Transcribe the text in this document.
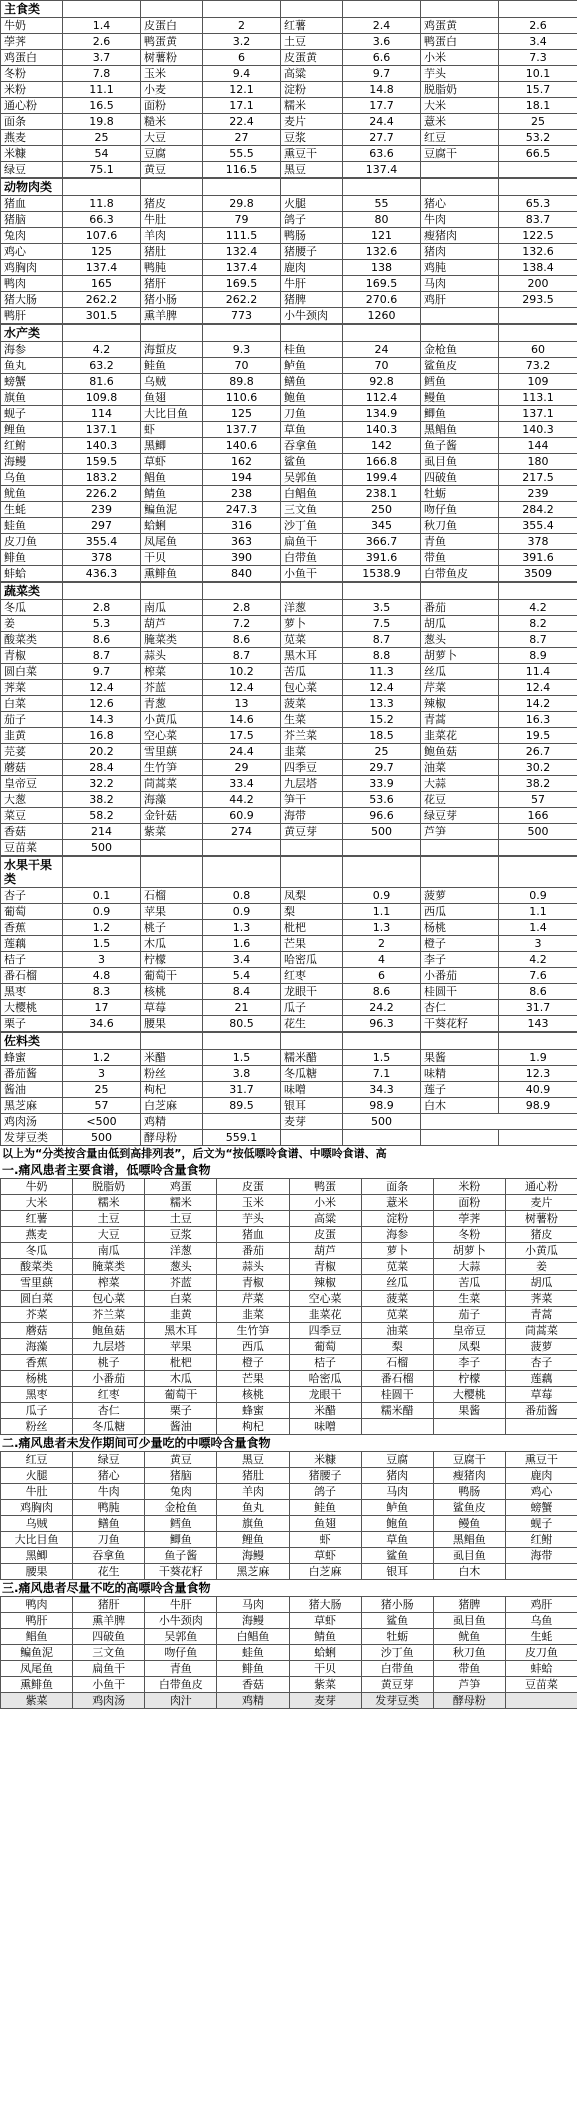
主食类							
牛奶	1.4	皮蛋白	2	红薯	2.4	鸡蛋黄	2.6
荸荠	2.6	鸭蛋黄	3.2	土豆	3.6	鸭蛋白	3.4
鸡蛋白	3.7	树薯粉	6	皮蛋黄	6.6	小米	7.3
冬粉	7.8	玉米	9.4	高粱	9.7	芋头	10.1
米粉	11.1	小麦	12.1	淀粉	14.8	脱脂奶	15.7
通心粉	16.5	面粉	17.1	糯米	17.7	大米	18.1
面条	19.8	糙米	22.4	麦片	24.4	薏米	25
燕麦	25	大豆	27	豆浆	27.7	红豆	53.2
米糠	54	豆腐	55.5	熏豆干	63.6	豆腐干	66.5
绿豆	75.1	黄豆	116.5	黑豆	137.4		
动物肉类							
猪血	11.8	猪皮	29.8	火腿	55	猪心	65.3
猪脑	66.3	牛肚	79	鸽子	80	牛肉	83.7
兔肉	107.6	羊肉	111.5	鸭肠	121	瘦猪肉	122.5
鸡心	125	猪肚	132.4	猪腰子	132.6	猪肉	132.6
鸡胸肉	137.4	鸭肫	137.4	鹿肉	138	鸡肫	138.4
鸭肉	165	猪肝	169.5	牛肝	169.5	马肉	200
猪大肠	262.2	猪小肠	262.2	猪脾	270.6	鸡肝	293.5
鸭肝	301.5	熏羊脾	773	小牛颈肉	1260		
水产类							
海参	4.2	海蜇皮	9.3	桂鱼	24	金枪鱼	60
鱼丸	63.2	鲑鱼	70	鲈鱼	70	鲨鱼皮	73.2
螃蟹	81.6	乌贼	89.8	鳝鱼	92.8	鳕鱼	109
旗鱼	109.8	鱼翅	110.6	鲍鱼	112.4	鳗鱼	113.1
蚬子	114	大比目鱼	125	刀鱼	134.9	鲫鱼	137.1
鲤鱼	137.1	虾	137.7	草鱼	140.3	黑鲳鱼	140.3
红鲋	140.3	黑鲫	140.6	吞拿鱼	142	鱼子酱	144
海鳗	159.5	草虾	162	鲨鱼	166.8	虱目鱼	180
乌鱼	183.2	鲳鱼	194	吴郭鱼	199.4	四破鱼	217.5
鱿鱼	226.2	鲭鱼	238	白鲳鱼	238.1	牡蛎	239
生蚝	239	鳊鱼泥	247.3	三文鱼	250	吻仔鱼	284.2
蛙鱼	297	蛤蜊	316	沙丁鱼	345	秋刀鱼	355.4
皮刀鱼	355.4	凤尾鱼	363	扁鱼干	366.7	青鱼	378
鲱鱼	378	干贝	390	白带鱼	391.6	带鱼	391.6
蚌蛤	436.3	熏鲱鱼	840	小鱼干	1538.9	白带鱼皮	3509
蔬菜类							
冬瓜	2.8	南瓜	2.8	洋葱	3.5	番茄	4.2
姜	5.3	葫芦	7.2	萝卜	7.5	胡瓜	8.2
酸菜类	8.6	腌菜类	8.6	苋菜	8.7	葱头	8.7
青椒	8.7	蒜头	8.7	黑木耳	8.8	胡萝卜	8.9
圆白菜	9.7	榨菜	10.2	苦瓜	11.3	丝瓜	11.4
荠菜	12.4	芥蓝	12.4	包心菜	12.4	芹菜	12.4
白菜	12.6	青葱	13	菠菜	13.3	辣椒	14.2
茄子	14.3	小黄瓜	14.6	生菜	15.2	青蒿	16.3
韭黄	16.8	空心菜	17.5	芥兰菜	18.5	韭菜花	19.5
芫荽	20.2	雪里蕻	24.4	韭菜	25	鲍鱼菇	26.7
蘑菇	28.4	生竹笋	29	四季豆	29.7	油菜	30.2
皇帝豆	32.2	茼蒿菜	33.4	九层塔	33.9	大蒜	38.2
大葱	38.2	海藻	44.2	笋干	53.6	花豆	57
菜豆	58.2	金针菇	60.9	海带	96.6	绿豆芽	166
香菇	214	紫菜	274	黄豆芽	500	芦笋	500
豆苗菜	500						
水果干果类							
杏子	0.1	石榴	0.8	凤梨	0.9	菠萝	0.9
葡萄	0.9	苹果	0.9	梨	1.1	西瓜	1.1
香蕉	1.2	桃子	1.3	枇杷	1.3	杨桃	1.4
莲藕	1.5	木瓜	1.6	芒果	2	橙子	3
桔子	3	柠檬	3.4	哈密瓜	4	李子	4.2
番石榴	4.8	葡萄干	5.4	红枣	6	小番茄	7.6
黑枣	8.3	核桃	8.4	龙眼干	8.6	桂圆干	8.6
大樱桃	17	草莓	21	瓜子	24.2	杏仁	31.7
栗子	34.6	腰果	80.5	花生	96.3	干葵花籽	143
佐料类							
蜂蜜	1.2	米醋	1.5	糯米醋	1.5	果酱	1.9
番茄酱	3	粉丝	3.8	冬瓜糖	7.1	味精	12.3
酱油	25	枸杞	31.7	味噌	34.3	莲子	40.9
黑芝麻	57	白芝麻	89.5	银耳	98.9	白木	98.9
鸡肉汤	<500	鸡精		麦芽	500		
发芽豆类	500	酵母粉	559.1				
以上为“分类按含量由低到高排列表”，后文为“按低嘌呤食谱、中嘌呤食谱、高
一.痛风患者主要食谱，低嘌呤含量食物
牛奶	脱脂奶	鸡蛋	皮蛋	鸭蛋	面条	米粉	通心粉
大米	糯米	糯米	玉米	小米	薏米	面粉	麦片
红薯	土豆	土豆	芋头	高粱	淀粉	荸荠	树薯粉
燕麦	大豆	豆浆	猪血	皮蛋	海参	冬粉	猪皮
冬瓜	南瓜	洋葱	番茄	葫芦	萝卜	胡萝卜	小黄瓜
酸菜类	腌菜类	葱头	蒜头	青椒	苋菜	大蒜	姜
雪里蕻	榨菜	芥蓝	青椒	辣椒	丝瓜	苦瓜	胡瓜
圆白菜	包心菜	白菜	芹菜	空心菜	菠菜	生菜	荠菜
芥菜	芥兰菜	韭黄	韭菜	韭菜花	苋菜	茄子	青蒿
蘑菇	鲍鱼菇	黑木耳	生竹笋	四季豆	油菜	皇帝豆	茼蒿菜
海藻	九层塔	苹果	西瓜	葡萄	梨	凤梨	菠萝
香蕉	桃子	枇杷	橙子	桔子	石榴	李子	杏子
杨桃	小番茄	木瓜	芒果	哈密瓜	番石榴	柠檬	莲藕
黑枣	红枣	葡萄干	核桃	龙眼干	桂圆干	大樱桃	草莓
瓜子	杏仁	栗子	蜂蜜	米醋	糯米醋	果酱	番茄酱
粉丝	冬瓜糖	酱油	枸杞	味噌			
二.痛风患者未发作期间可少量吃的中嘌呤含量食物
红豆	绿豆	黄豆	黑豆	米糠	豆腐	豆腐干	熏豆干
火腿	猪心	猪脑	猪肚	猪腰子	猪肉	瘦猪肉	鹿肉
牛肚	牛肉	兔肉	羊肉	鸽子	马肉	鸭肠	鸡心
鸡胸肉	鸭肫	金枪鱼	鱼丸	鲑鱼	鲈鱼	鲨鱼皮	螃蟹
乌贼	鳝鱼	鳕鱼	旗鱼	鱼翅	鲍鱼	鳗鱼	蚬子
大比目鱼	刀鱼	鲫鱼	鲤鱼	虾	草鱼	黑鲳鱼	红鲋
黑鲫	吞拿鱼	鱼子酱	海鳗	草虾	鲨鱼	虱目鱼	海带
腰果	花生	干葵花籽	黑芝麻	白芝麻	银耳	白木	
三.痛风患者尽量不吃的高嘌呤含量食物
鸭肉	猪肝	牛肝	马肉	猪大肠	猪小肠	猪脾	鸡肝
鸭肝	熏羊脾	小牛颈肉	海鳗	草虾	鲨鱼	虱目鱼	乌鱼
鲳鱼	四破鱼	吴郭鱼	白鲳鱼	鲭鱼	牡蛎	鱿鱼	生蚝
鳊鱼泥	三文鱼	吻仔鱼	蛙鱼	蛤蜊	沙丁鱼	秋刀鱼	皮刀鱼
凤尾鱼	扁鱼干	青鱼	鲱鱼	干贝	白带鱼	带鱼	蚌蛤
熏鲱鱼	小鱼干	白带鱼皮	香菇	紫菜	黄豆芽	芦笋	豆苗菜
紫菜	鸡肉汤	肉汁	鸡精	麦芽	发芽豆类	酵母粉	
